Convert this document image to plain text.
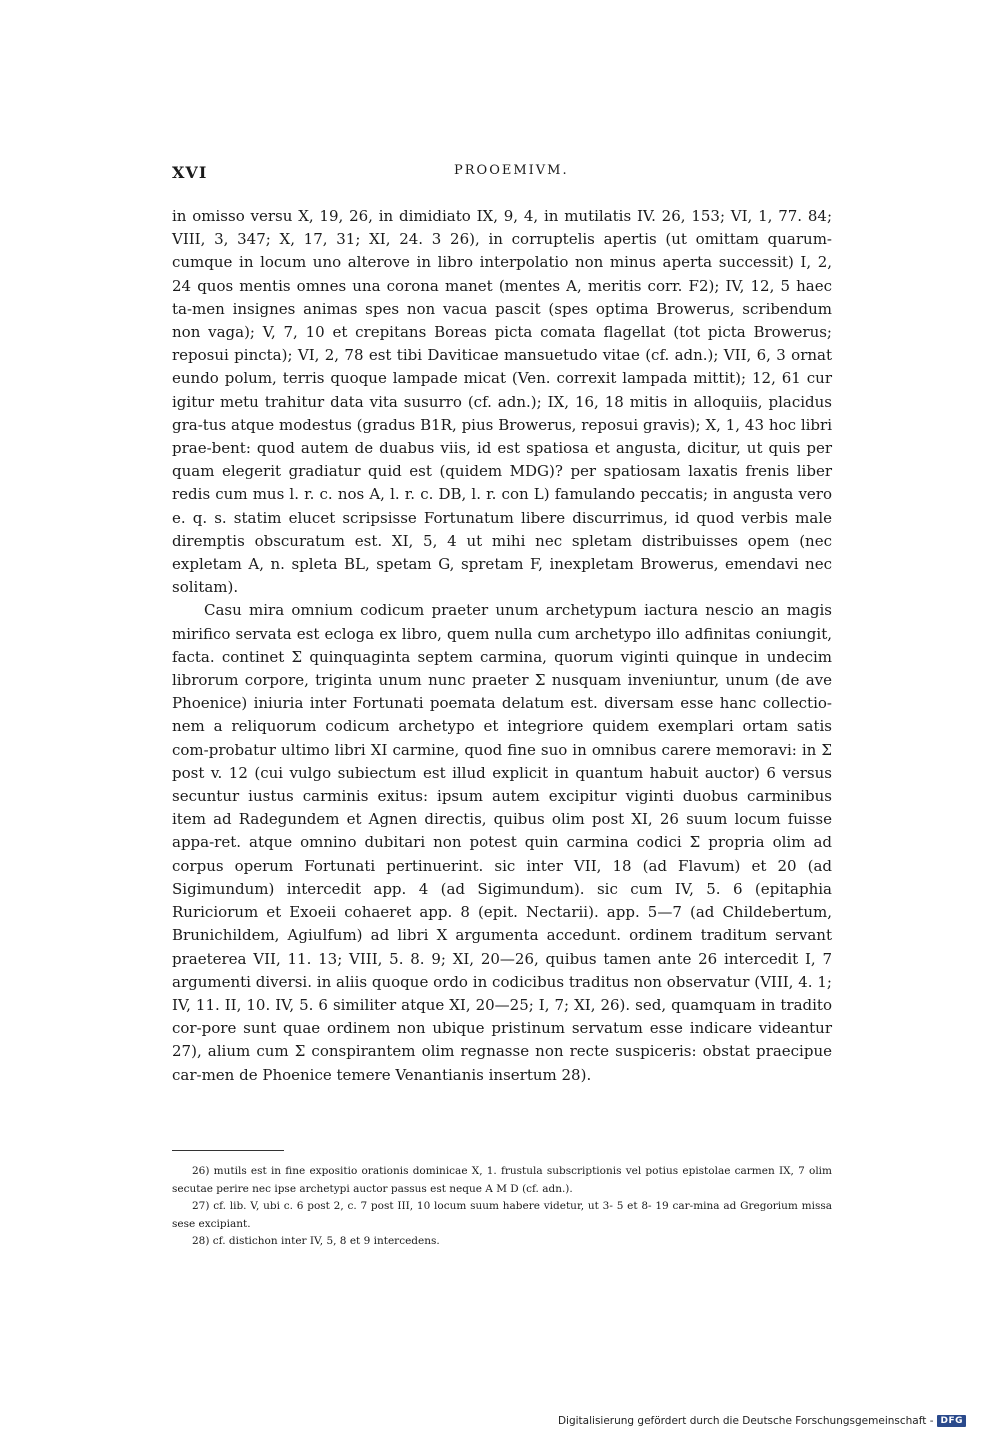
XVI	PROOEMIVM.

in omisso versu X, 19, 26, in dimidiato IX, 9, 4, in mutilatis IV. 26, 153; VI, 1, 77. 84; VIII, 3, 347; X, 17, 31; XI, 24. 3 26), in corruptelis apertis (ut omittam quarum-cumque in locum uno alterove in libro interpolatio non minus aperta successit) I, 2, 24 quos mentis omnes una corona manet (mentes A, meritis corr. F2); IV, 12, 5 haec ta-men insignes animas spes non vacua pascit (spes optima Browerus, scribendum non vaga); V, 7, 10 et crepitans Boreas picta comata flagellat (tot picta Browerus; reposui pincta); VI, 2, 78 est tibi Daviticae mansuetudo vitae (cf. adn.); VII, 6, 3 ornat eundo polum, terris quoque lampade micat (Ven. correxit lampada mittit); 12, 61 cur igitur metu trahitur data vita susurro (cf. adn.); IX, 16, 18 mitis in alloquiis, placidus gra-tus atque modestus (gradus B1R, pius Browerus, reposui gravis); X, 1, 43 hoc libri prae-bent: quod autem de duabus viis, id est spatiosa et angusta, dicitur, ut quis per quam elegerit gradiatur quid est (quidem MDG)? per spatiosam laxatis frenis liber redis cum mus l. r. c. nos A, l. r. c. DB, l. r. con L) famulando peccatis; in angusta vero e. q. s. statim elucet scripsisse Fortunatum libere discurrimus, id quod verbis male diremptis obscuratum est. XI, 5, 4 ut mihi nec spletam distribuisses opem (nec expletam A, n. spleta BL, spetam G, spretam F, inexpletam Browerus, emendavi nec solitam).

Casu mira omnium codicum praeter unum archetypum iactura nescio an magis mirifico servata est ecloga ex libro, quem nulla cum archetypo illo adfinitas coniungit, facta. continet Σ quinquaginta septem carmina, quorum viginti quinque in undecim librorum corpore, triginta unum nunc praeter Σ nusquam inveniuntur, unum (de ave Phoenice) iniuria inter Fortunati poemata delatum est. diversam esse hanc collectio-nem a reliquorum codicum archetypo et integriore quidem exemplari ortam satis com-probatur ultimo libri XI carmine, quod fine suo in omnibus carere memoravi: in Σ post v. 12 (cui vulgo subiectum est illud explicit in quantum habuit auctor) 6 versus secuntur iustus carminis exitus: ipsum autem excipitur viginti duobus carminibus item ad Radegundem et Agnen directis, quibus olim post XI, 26 suum locum fuisse appa-ret. atque omnino dubitari non potest quin carmina codici Σ propria olim ad corpus operum Fortunati pertinuerint. sic inter VII, 18 (ad Flavum) et 20 (ad Sigimundum) intercedit app. 4 (ad Sigimundum). sic cum IV, 5. 6 (epitaphia Ruriciorum et Exoeii cohaeret app. 8 (epit. Nectarii). app. 5—7 (ad Childebertum, Brunichildem, Agiulfum) ad libri X argumenta accedunt. ordinem traditum servant praeterea VII, 11. 13; VIII, 5. 8. 9; XI, 20—26, quibus tamen ante 26 intercedit I, 7 argumenti diversi. in aliis quoque ordo in codicibus traditus non observatur (VIII, 4. 1; IV, 11. II, 10. IV, 5. 6 similiter atque XI, 20—25; I, 7; XI, 26). sed, quamquam in tradito cor-pore sunt quae ordinem non ubique pristinum servatum esse indicare videantur 27), alium cum Σ conspirantem olim regnasse non recte suspiceris: obstat praecipue car-men de Phoenice temere Venantianis insertum 28).

26) mutils est in fine expositio orationis dominicae X, 1. frustula subscriptionis vel potius epistolae carmen IX, 7 olim secutae perire nec ipse archetypi auctor passus est neque A M D (cf. adn.).

27) cf. lib. V, ubi c. 6 post 2, c. 7 post III, 10 locum suum habere videtur, ut 3- 5 et 8- 19 car-mina ad Gregorium missa sese excipiant.

28) cf. distichon inter IV, 5, 8 et 9 intercedens.

Digitalisierung gefördert durch die Deutsche Forschungsgemeinschaft - DFG
